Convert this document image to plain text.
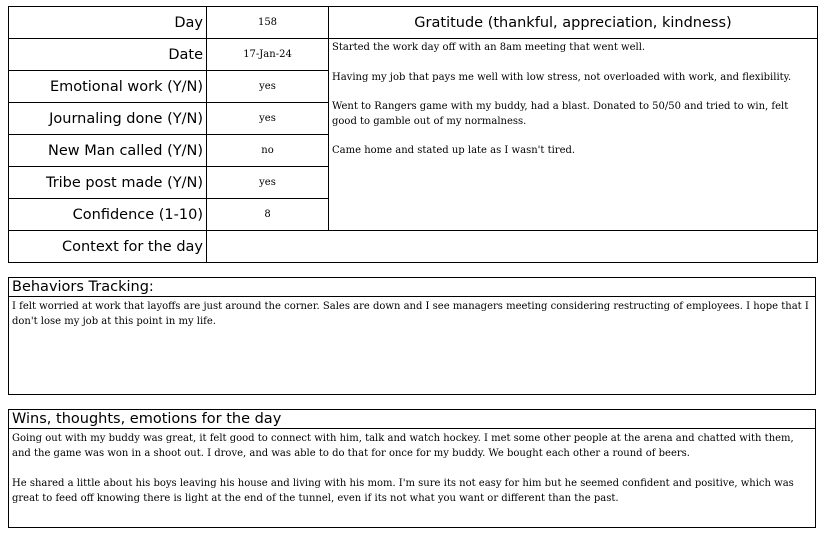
Day	158	Gratitude (thankful, appreciation, kindness)
Date	17-Jan-24	Started the work day off with an 8am meeting that went well.

Having my job that pays me well with low stress, not overloaded with work, and flexibility.

Went to Rangers game with my buddy, had a blast. Donated to 50/50 and tried to win, felt good to gamble out of my normalness.

Came home and stated up late as I wasn't tired.

Emotional work (Y/N)	yes	
Journaling done (Y/N)	yes	
New Man called (Y/N)	no	
Tribe post made (Y/N)	yes	
Confidence (1-10)	8	
Context for the day		
Behaviors Tracking:
I felt worried at work that layoffs are just around the corner. Sales are down and I see managers meeting considering restructing of employees. I hope that I don't lose my job at this point in my life.
Wins, thoughts, emotions for the day

Going out with my buddy was great, it felt good to connect with him, talk and watch hockey. I met some other people at the arena and chatted with them, and the game was won in a shoot out. I drove, and was able to do that for once for my buddy. We bought each other a round of beers.

He shared a little about his boys leaving his house and living with his mom. I'm sure its not easy for him but he seemed confident and positive, which was great to feed off knowing there is light at the end of the tunnel, even if its not what you want or different than the past.
